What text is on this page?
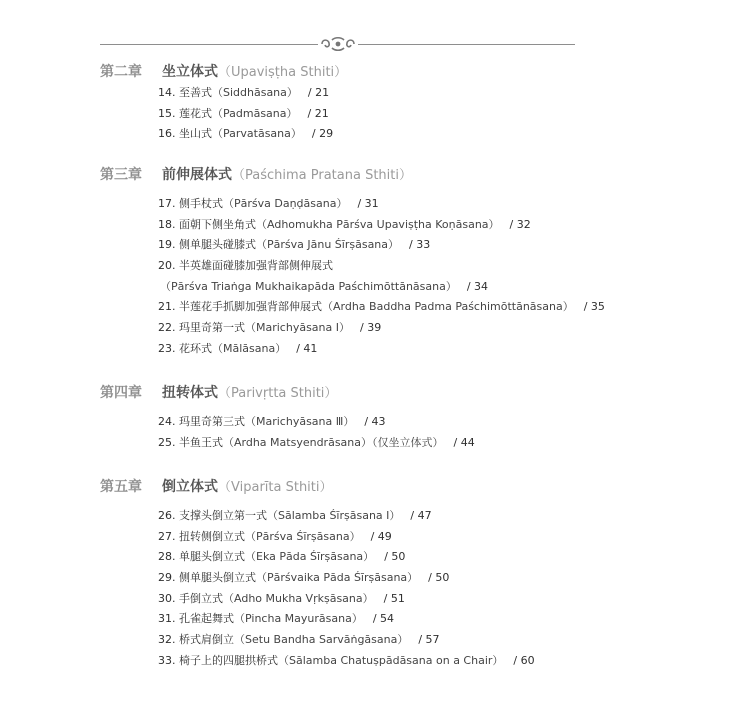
第二章 坐立体式（Upaviṣṭha Sthiti）
14. 至善式（Siddhāsana） / 21
15. 莲花式（Padmāsana） / 21
16. 坐山式（Parvatāsana） / 29
第三章 前伸展体式（Paśchima Pratana Sthiti）
17. 侧手杖式（Pārśva Daṇḍāsana） / 31
18. 面朝下侧坐角式（Adhomukha Pārśva Upaviṣṭha Koṇāsana） / 32
19. 侧单腿头碰膝式（Pārśva Jānu Śīrṣāsana） / 33
20. 半英雄面碰膝加强背部侧伸展式
（Pārśva Triaṅga Mukhaikapāda Paśchimōttānāsana） / 34
21. 半莲花手抓脚加强背部伸展式（Ardha Baddha Padma Paśchimōttānāsana） / 35
22. 玛里奇第一式（Marichyāsana Ⅰ） / 39
23. 花环式（Mālāsana） / 41
第四章 扭转体式（Parivṛtta Sthiti）
24. 玛里奇第三式（Marichyāsana Ⅲ） / 43
25. 半鱼王式（Ardha Matsyendrāsana）（仅坐立体式） / 44
第五章 倒立体式（Viparīta Sthiti）
26. 支撑头倒立第一式（Sālamba Śīrṣāsana Ⅰ） / 47
27. 扭转侧倒立式（Pārśva Śīrṣāsana） / 49
28. 单腿头倒立式（Eka Pāda Śīrṣāsana） / 50
29. 侧单腿头倒立式（Pārśvaika Pāda Śīrṣāsana） / 50
30. 手倒立式（Adho Mukha Vṛkṣāsana） / 51
31. 孔雀起舞式（Pincha Mayurāsana） / 54
32. 桥式肩倒立（Setu Bandha Sarvāṅgāsana） / 57
33. 椅子上的四腿拱桥式（Sālamba Chatuṣpādāsana on a Chair） / 60
